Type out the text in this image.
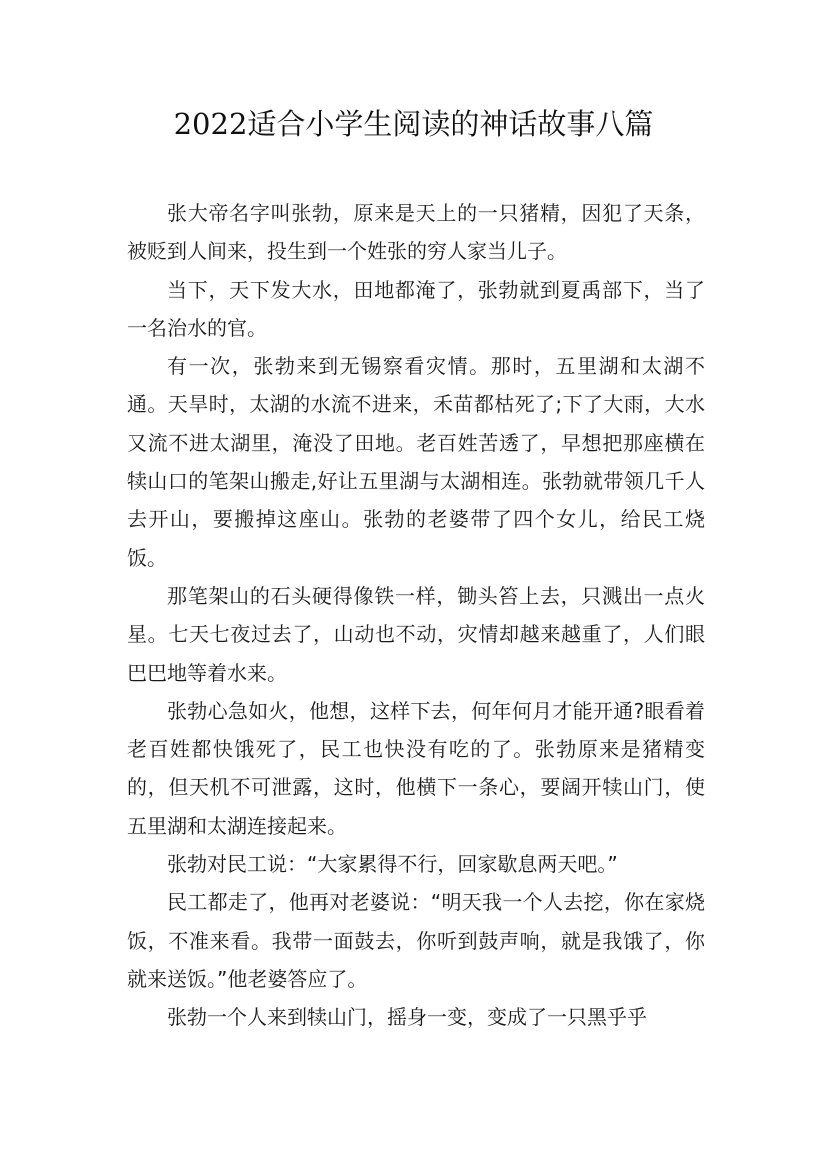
2022适合小学生阅读的神话故事八篇

张大帝名字叫张勃，原来是天上的一只猪精，因犯了天条，被贬到人间来，投生到一个姓张的穷人家当儿子。

当下，天下发大水，田地都淹了，张勃就到夏禹部下，当了一名治水的官。

有一次，张勃来到无锡察看灾情。那时，五里湖和太湖不通。天旱时，太湖的水流不进来，禾苗都枯死了;下了大雨，大水又流不进太湖里，淹没了田地。老百姓苦透了，早想把那座横在犊山口的笔架山搬走,好让五里湖与太湖相连。张勃就带领几千人去开山，要搬掉这座山。张勃的老婆带了四个女儿，给民工烧饭。

那笔架山的石头硬得像铁一样，锄头笞上去，只溅出一点火星。七天七夜过去了，山动也不动，灾情却越来越重了，人们眼巴巴地等着水来。

张勃心急如火，他想，这样下去，何年何月才能开通?眼看着老百姓都快饿死了，民工也快没有吃的了。张勃原来是猪精变的，但天机不可泄露，这时，他横下一条心，要阔开犊山门，使五里湖和太湖连接起来。

张勃对民工说：“大家累得不行，回家歇息两天吧。”

民工都走了，他再对老婆说：“明天我一个人去挖，你在家烧饭，不准来看。我带一面鼓去，你听到鼓声响，就是我饿了，你就来送饭。”他老婆答应了。

张勃一个人来到犊山门，摇身一变，变成了一只黑乎乎
